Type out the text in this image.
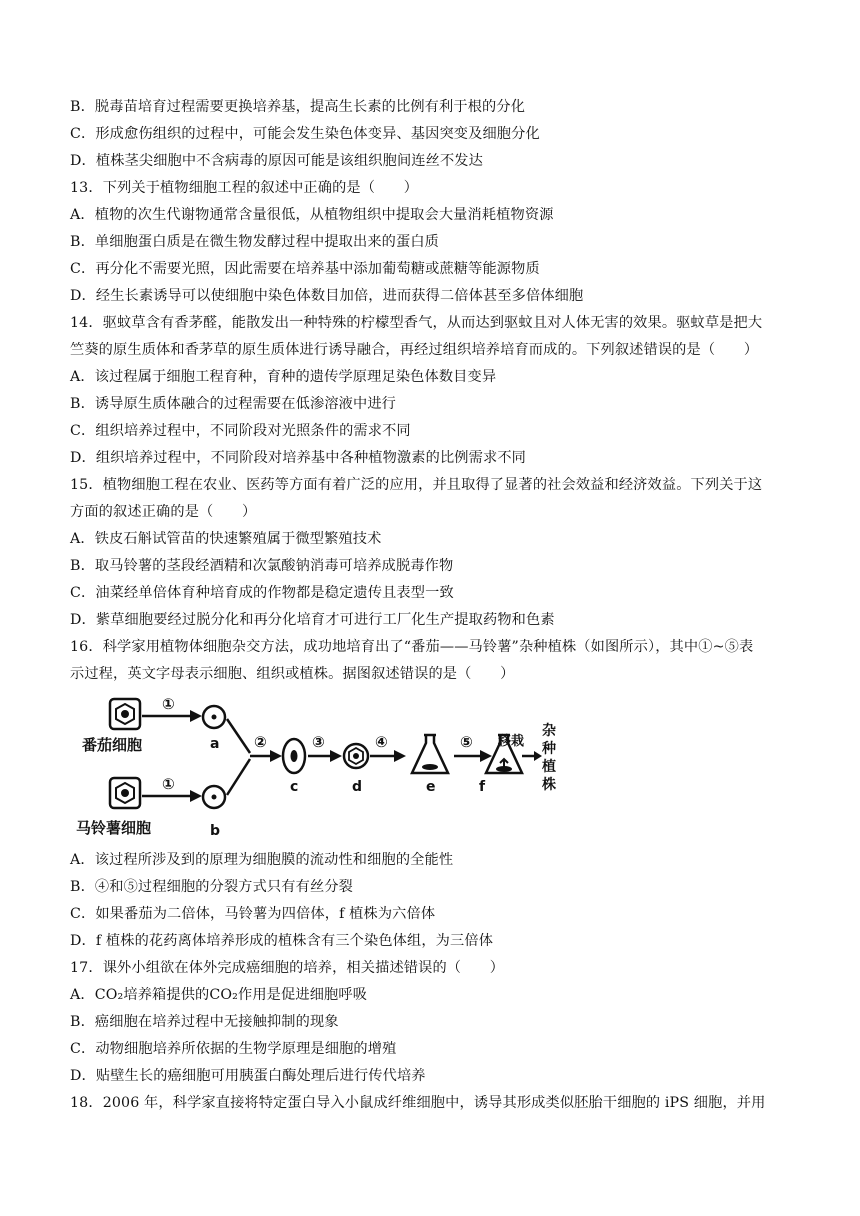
B．脱毒苗培育过程需要更换培养基，提高生长素的比例有利于根的分化
C．形成愈伤组织的过程中，可能会发生染色体变异、基因突变及细胞分化
D．植株茎尖细胞中不含病毒的原因可能是该组织胞间连丝不发达
13．下列关于植物细胞工程的叙述中正确的是（　　）
A．植物的次生代谢物通常含量很低，从植物组织中提取会大量消耗植物资源
B．单细胞蛋白质是在微生物发酵过程中提取出来的蛋白质
C．再分化不需要光照，因此需要在培养基中添加葡萄糖或蔗糖等能源物质
D．经生长素诱导可以使细胞中染色体数目加倍，进而获得二倍体甚至多倍体细胞
14．驱蚊草含有香茅醛，能散发出一种特殊的柠檬型香气，从而达到驱蚊且对人体无害的效果。驱蚊草是把大
竺葵的原生质体和香茅草的原生质体进行诱导融合，再经过组织培养培育而成的。下列叙述错误的是（　　）
A．该过程属于细胞工程育种，育种的遗传学原理足染色体数目变异
B．诱导原生质体融合的过程需要在低渗溶液中进行
C．组织培养过程中，不同阶段对光照条件的需求不同
D．组织培养过程中，不同阶段对培养基中各种植物激素的比例需求不同
15．植物细胞工程在农业、医药等方面有着广泛的应用，并且取得了显著的社会效益和经济效益。下列关于这
方面的叙述正确的是（　　）
A．铁皮石斛试管苗的快速繁殖属于微型繁殖技术
B．取马铃薯的茎段经酒精和次氯酸钠消毒可培养成脱毒作物
C．油菜经单倍体育种培育成的作物都是稳定遗传且表型一致
D．紫草细胞要经过脱分化和再分化培育才可进行工厂化生产提取药物和色素
16．科学家用植物体细胞杂交方法，成功地培育出了“番茄——马铃薯”杂种植株（如图所示），其中①~⑤表
示过程，英文字母表示细胞、组织或植株。据图叙述错误的是（　　）
番茄细胞
①
a
马铃薯细胞
①
b
②
c
③
d
④
e
⑤
f
移栽
杂
种
植
株
A．该过程所涉及到的原理为细胞膜的流动性和细胞的全能性
B．④和⑤过程细胞的分裂方式只有有丝分裂
C．如果番茄为二倍体，马铃薯为四倍体，f 植株为六倍体
D．f 植株的花药离体培养形成的植株含有三个染色体组，为三倍体
17．课外小组欲在体外完成癌细胞的培养，相关描述错误的（　　）
A．CO₂培养箱提供的CO₂作用是促进细胞呼吸
B．癌细胞在培养过程中无接触抑制的现象
C．动物细胞培养所依据的生物学原理是细胞的增殖
D．贴壁生长的癌细胞可用胰蛋白酶处理后进行传代培养
18．2006 年，科学家直接将特定蛋白导入小鼠成纤维细胞中，诱导其形成类似胚胎干细胞的 iPS 细胞，并用
